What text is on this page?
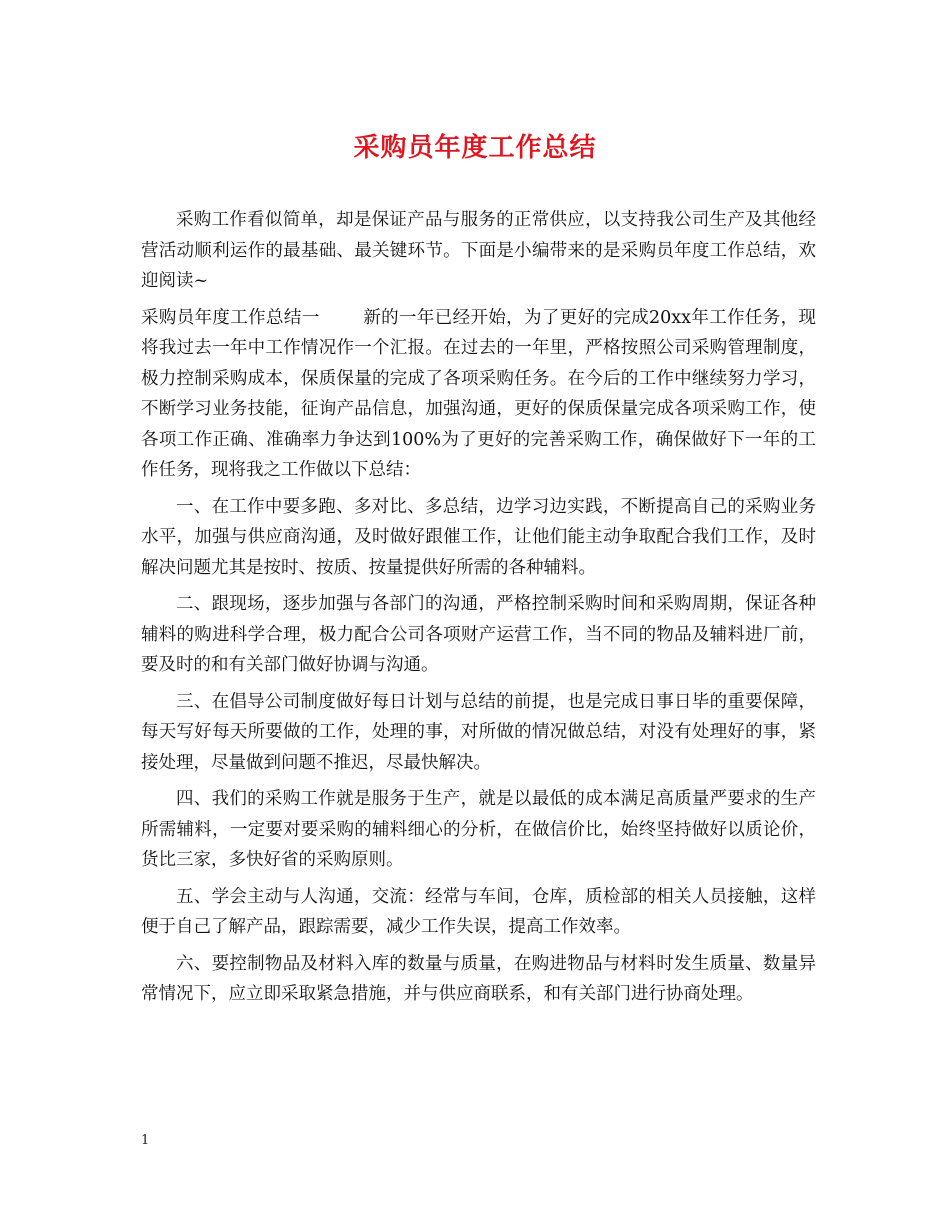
采购员年度工作总结

采购工作看似简单，却是保证产品与服务的正常供应，以支持我公司生产及其他经营活动顺利运作的最基础、最关键环节。下面是小编带来的是采购员年度工作总结，欢迎阅读~

采购员年度工作总结一	新的一年已经开始，为了更好的完成20xx年工作任务，现将我过去一年中工作情况作一个汇报。在过去的一年里，严格按照公司采购管理制度，极力控制采购成本，保质保量的完成了各项采购任务。在今后的工作中继续努力学习，不断学习业务技能，征询产品信息，加强沟通，更好的保质保量完成各项采购工作，使各项工作正确、准确率力争达到100%为了更好的完善采购工作，确保做好下一年的工作任务，现将我之工作做以下总结：

一、在工作中要多跑、多对比、多总结，边学习边实践，不断提高自己的采购业务水平，加强与供应商沟通，及时做好跟催工作，让他们能主动争取配合我们工作，及时解决问题尤其是按时、按质、按量提供好所需的各种辅料。

二、跟现场，逐步加强与各部门的沟通，严格控制采购时间和采购周期，保证各种辅料的购进科学合理，极力配合公司各项财产运营工作，当不同的物品及辅料进厂前，要及时的和有关部门做好协调与沟通。

三、在倡导公司制度做好每日计划与总结的前提，也是完成日事日毕的重要保障，每天写好每天所要做的工作，处理的事，对所做的情况做总结，对没有处理好的事，紧接处理，尽量做到问题不推迟，尽最快解决。

四、我们的采购工作就是服务于生产，就是以最低的成本满足高质量严要求的生产所需辅料，一定要对要采购的辅料细心的分析，在做信价比，始终坚持做好以质论价，货比三家，多快好省的采购原则。

五、学会主动与人沟通，交流：经常与车间，仓库，质检部的相关人员接触，这样便于自己了解产品，跟踪需要，减少工作失误，提高工作效率。

六、要控制物品及材料入库的数量与质量，在购进物品与材料时发生质量、数量异常情况下，应立即采取紧急措施，并与供应商联系，和有关部门进行协商处理。

1
